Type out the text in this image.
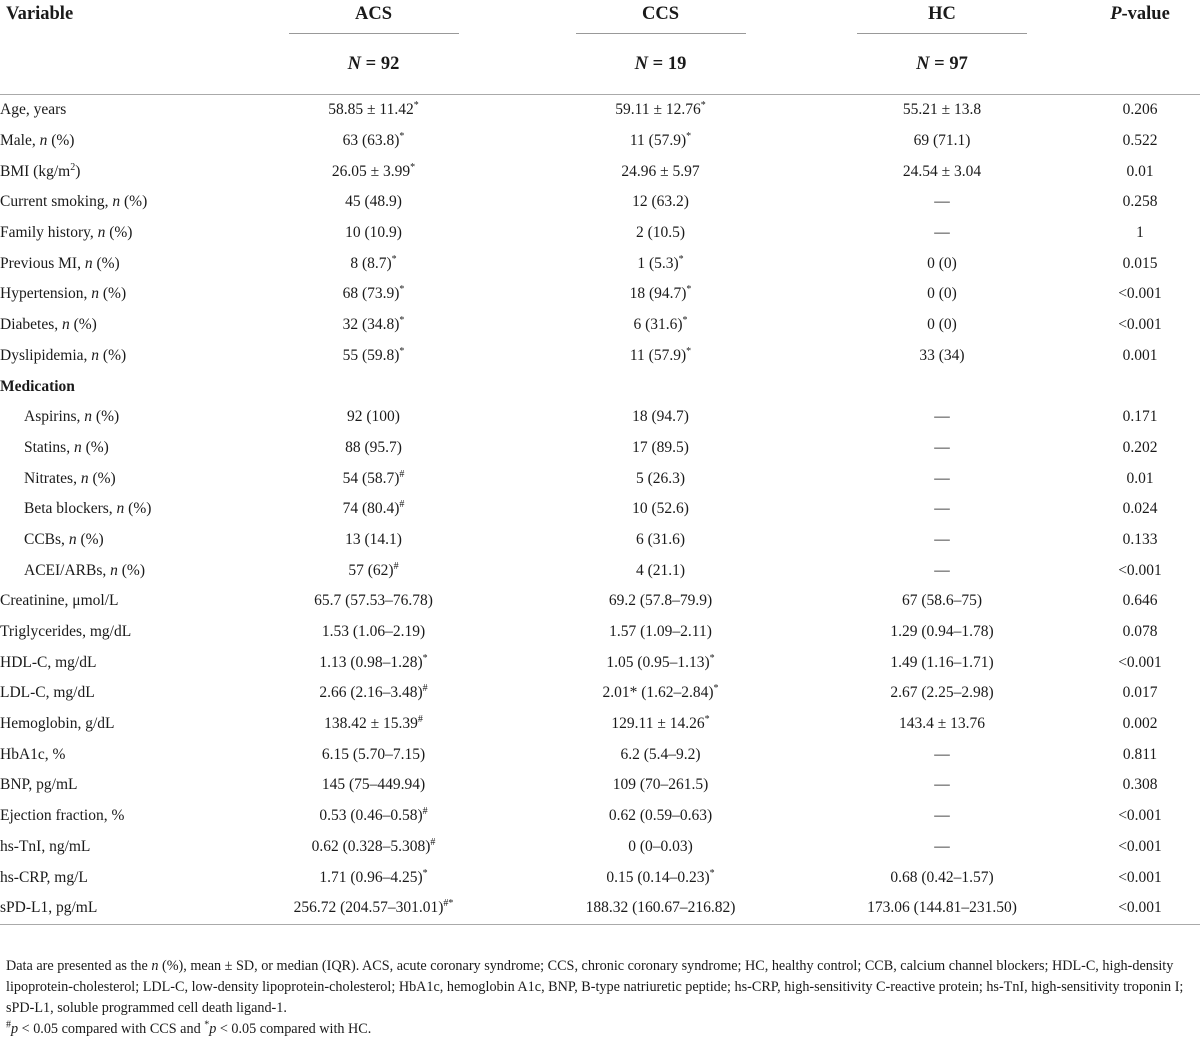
Variable	ACS	CCS	HC	P-value
	N = 92	N = 19	N = 97	

Age, years	58.85 ± 11.42*	59.11 ± 12.76*	55.21 ± 13.8	0.206
Male, n (%)	63 (63.8)*	11 (57.9)*	69 (71.1)	0.522
BMI $(kg/m^2)$	26.05 ± 3.99*	24.96 ± 5.97	24.54 ± 3.04	0.01
Current smoking, n (%)	45 (48.9)	12 (63.2)	—	0.258
Family history, n (%)	10 (10.9)	2 (10.5)	—	1
Previous MI, n (%)	8 (8.7)*	1 (5.3)*	0 (0)	0.015
Hypertension, n (%)	68 (73.9)*	18 (94.7)*	0 (0)	<0.001
Diabetes, n (%)	32 (34.8)*	6 (31.6)*	0 (0)	<0.001
Dyslipidemia, n (%)	55 (59.8)*	11 (57.9)*	33 (34)	0.001
Medication				
Aspirins, n (%)	92 (100)	18 (94.7)	—	0.171
Statins, n (%)	88 (95.7)	17 (89.5)	—	0.202
Nitrates, n (%)	54 (58.7)#	5 (26.3)	—	0.01
Beta blockers, n (%)	74 (80.4)#	10 (52.6)	—	0.024
CCBs, n (%)	13 (14.1)	6 (31.6)	—	0.133
ACEI/ARBs, n (%)	57 (62)#	4 (21.1)	—	<0.001
Creatinine, μmol/L	65.7 (57.53–76.78)	69.2 (57.8–79.9)	67 (58.6–75)	0.646
Triglycerides, mg/dL	1.53 (1.06–2.19)	1.57 (1.09–2.11)	1.29 (0.94–1.78)	0.078
HDL-C, mg/dL	1.13 (0.98–1.28)*	1.05 (0.95–1.13)*	1.49 (1.16–1.71)	<0.001
LDL-C, mg/dL	2.66 (2.16–3.48)#	2.01* (1.62–2.84)*	2.67 (2.25–2.98)	0.017
Hemoglobin, g/dL	138.42 ± 15.39#	129.11 ± 14.26*	143.4 ± 13.76	0.002
HbA1c, %	6.15 (5.70–7.15)	6.2 (5.4–9.2)	—	0.811
BNP, pg/mL	145 (75–449.94)	109 (70–261.5)	—	0.308
Ejection fraction, %	0.53 (0.46–0.58)#	0.62 (0.59–0.63)	—	<0.001
hs-TnI, ng/mL	0.62 (0.328–5.308)#	0 (0–0.03)	—	<0.001
hs-CRP, mg/L	1.71 (0.96–4.25)*	0.15 (0.14–0.23)*	0.68 (0.42–1.57)	<0.001
sPD-L1, pg/mL	256.72 (204.57–301.01)#*	188.32 (160.67–216.82)	173.06 (144.81–231.50)	<0.001

Data are presented as the n (%), mean ± SD, or median (IQR). ACS, acute coronary syndrome; CCS, chronic coronary syndrome; HC, healthy control; CCB, calcium channel blockers; HDL-C, high-density lipoprotein-cholesterol; LDL-C, low-density lipoprotein-cholesterol; HbA1c, hemoglobin A1c, BNP, B-type natriuretic peptide; hs-CRP, high-sensitivity C-reactive protein; hs-TnI, high-sensitivity troponin I; sPD-L1, soluble programmed cell death ligand-1.

#p < 0.05 compared with CCS and *p < 0.05 compared with HC.
